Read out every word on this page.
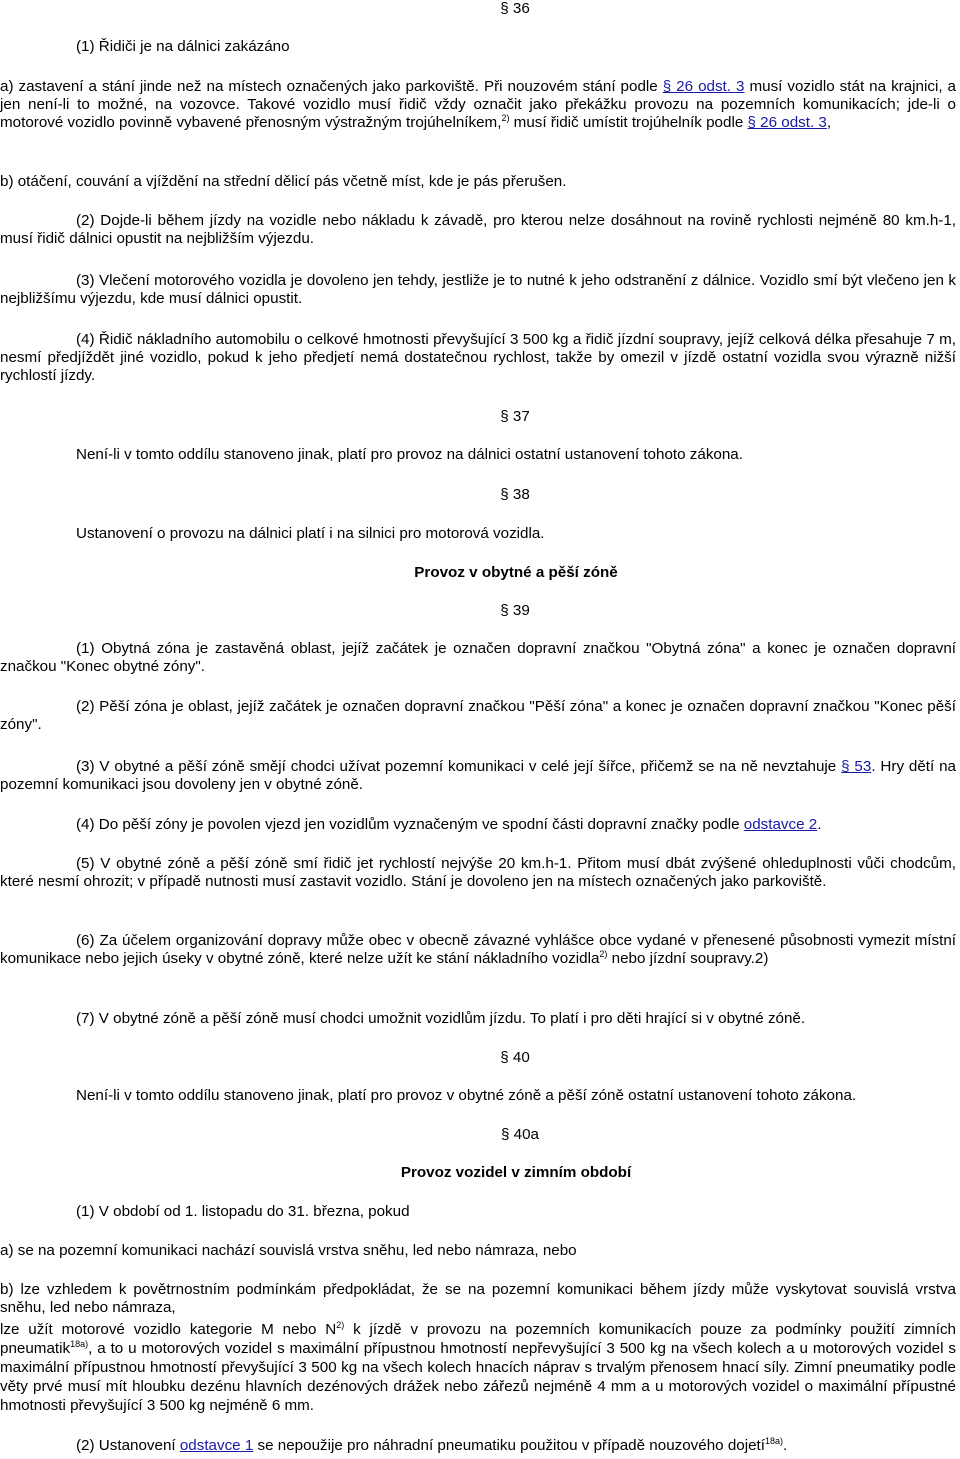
§ 36
(1) Řidiči je na dálnici zakázáno
a) zastavení a stání jinde než na místech označených jako parkoviště. Při nouzovém stání podle § 26 odst. 3 musí vozidlo stát na krajnici, a jen není-li to možné, na vozovce. Takové vozidlo musí řidič vždy označit jako překážku provozu na pozemních komunikacích; jde-li o motorové vozidlo povinně vybavené přenosným výstražným trojúhelníkem,$^{2)}$ musí řidič umístit trojúhelník podle § 26 odst. 3,
b) otáčení, couvání a vjíždění na střední dělicí pás včetně míst, kde je pás přerušen.
(2) Dojde-li během jízdy na vozidle nebo nákladu k závadě, pro kterou nelze dosáhnout na rovině rychlosti nejméně 80 km.h-1, musí řidič dálnici opustit na nejbližším výjezdu.
(3) Vlečení motorového vozidla je dovoleno jen tehdy, jestliže je to nutné k jeho odstranění z dálnice. Vozidlo smí být vlečeno jen k nejbližšímu výjezdu, kde musí dálnici opustit.
(4) Řidič nákladního automobilu o celkové hmotnosti převyšující 3 500 kg a řidič jízdní soupravy, jejíž celková délka přesahuje 7 m, nesmí předjíždět jiné vozidlo, pokud k jeho předjetí nemá dostatečnou rychlost, takže by omezil v jízdě ostatní vozidla svou výrazně nižší rychlostí jízdy.
§ 37
Není-li v tomto oddílu stanoveno jinak, platí pro provoz na dálnici ostatní ustanovení tohoto zákona.
§ 38
Ustanovení o provozu na dálnici platí i na silnici pro motorová vozidla.
Provoz v obytné a pěší zóně
§ 39
(1) Obytná zóna je zastavěná oblast, jejíž začátek je označen dopravní značkou "Obytná zóna" a konec je označen dopravní značkou "Konec obytné zóny".
(2) Pěší zóna je oblast, jejíž začátek je označen dopravní značkou "Pěší zóna" a konec je označen dopravní značkou "Konec pěší zóny".
(3) V obytné a pěší zóně smějí chodci užívat pozemní komunikaci v celé její šířce, přičemž se na ně nevztahuje § 53. Hry dětí na pozemní komunikaci jsou dovoleny jen v obytné zóně.
(4) Do pěší zóny je povolen vjezd jen vozidlům vyznačeným ve spodní části dopravní značky podle odstavce 2.
(5) V obytné zóně a pěší zóně smí řidič jet rychlostí nejvýše 20 km.h-1. Přitom musí dbát zvýšené ohleduplnosti vůči chodcům, které nesmí ohrozit; v případě nutnosti musí zastavit vozidlo. Stání je dovoleno jen na místech označených jako parkoviště.
(6) Za účelem organizování dopravy může obec v obecně závazné vyhlášce obce vydané v přenesené působnosti vymezit místní komunikace nebo jejich úseky v obytné zóně, které nelze užít ke stání nákladního vozidla$^{2)}$ nebo jízdní soupravy.2)
(7) V obytné zóně a pěší zóně musí chodci umožnit vozidlům jízdu. To platí i pro děti hrající si v obytné zóně.
§ 40
Není-li v tomto oddílu stanoveno jinak, platí pro provoz v obytné zóně a pěší zóně ostatní ustanovení tohoto zákona.
§ 40a
Provoz vozidel v zimním období
(1) V období od 1. listopadu do 31. března, pokud
a) se na pozemní komunikaci nachází souvislá vrstva sněhu, led nebo námraza, nebo
b) lze vzhledem k povětrnostním podmínkám předpokládat, že se na pozemní komunikaci během jízdy může vyskytovat souvislá vrstva sněhu, led nebo námraza,
lze užít motorové vozidlo kategorie M nebo $N^{2)}$ k jízdě v provozu na pozemních komunikacích pouze za podmínky použití zimních pneumatik$^{18a)}$, a to u motorových vozidel s maximální přípustnou hmotností nepřevyšující 3 500 kg na všech kolech a u motorových vozidel s maximální přípustnou hmotností převyšující 3 500 kg na všech kolech hnacích náprav s trvalým přenosem hnací síly. Zimní pneumatiky podle věty prvé musí mít hloubku dezénu hlavních dezénových drážek nebo zářezů nejméně 4 mm a u motorových vozidel o maximální přípustné hmotnosti převyšující 3 500 kg nejméně 6 mm.
(2) Ustanovení odstavce 1 se nepoužije pro náhradní pneumatiku použitou v případě nouzového dojetí$^{18a)}$.
